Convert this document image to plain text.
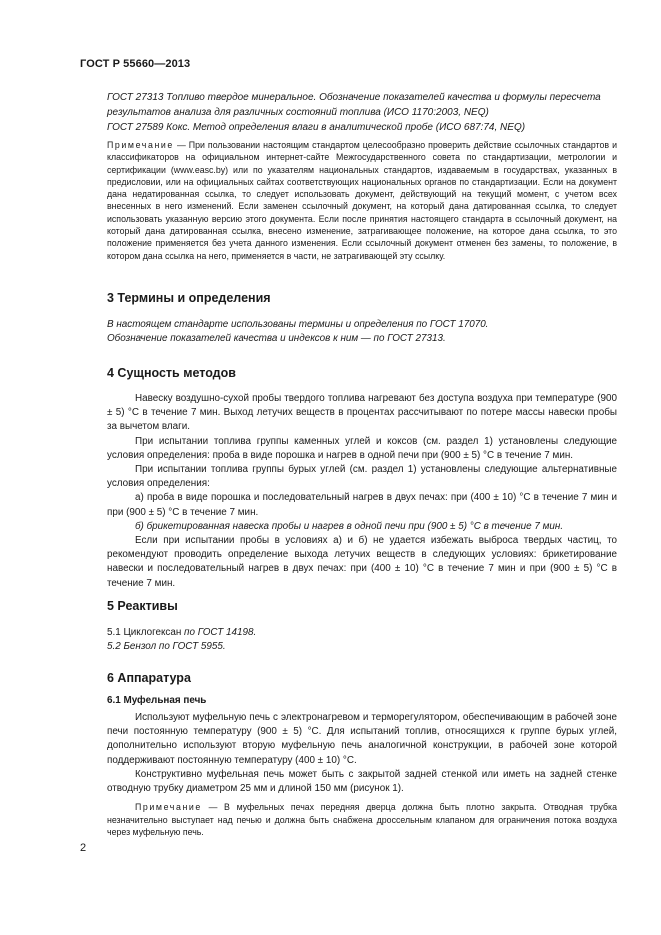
ГОСТ Р 55660—2013

ГОСТ 27313 Топливо твердое минеральное. Обозначение показателей качества и формулы пересчета результатов анализа для различных состояний топлива (ИСО 1170:2003, NEQ)

ГОСТ 27589 Кокс. Метод определения влаги в аналитической пробе (ИСО 687:74, NEQ)

Примечание — При пользовании настоящим стандартом целесообразно проверить действие ссылочных стандартов и классификаторов на официальном интернет-сайте Межгосударственного совета по стандартизации, метрологии и сертификации (www.easc.by) или по указателям национальных стандартов, издаваемым в государствах, указанных в предисловии, или на официальных сайтах соответствующих национальных органов по стандартизации. Если на документ дана недатированная ссылка, то следует использовать документ, действующий на текущий момент, с учетом всех внесенных в него изменений. Если заменен ссылочный документ, на который дана датированная ссылка, то следует использовать указанную версию этого документа. Если после принятия настоящего стандарта в ссылочный документ, на который дана датированная ссылка, внесено изменение, затрагивающее положение, на которое дана ссылка, то это положение применяется без учета данного изменения. Если ссылочный документ отменен без замены, то положение, в котором дана ссылка на него, применяется в части, не затрагивающей эту ссылку.

3 Термины и определения

В настоящем стандарте использованы термины и определения по ГОСТ 17070.

Обозначение показателей качества и индексов к ним — по ГОСТ 27313.

4 Сущность методов

Навеску воздушно-сухой пробы твердого топлива нагревают без доступа воздуха при температуре (900 ± 5) °C в течение 7 мин. Выход летучих веществ в процентах рассчитывают по потере массы навески пробы за вычетом влаги.

При испытании топлива группы каменных углей и коксов (см. раздел 1) установлены следующие условия определения: проба в виде порошка и нагрев в одной печи при (900 ± 5) °C в течение 7 мин.

При испытании топлива группы бурых углей (см. раздел 1) установлены следующие альтернативные условия определения:

а) проба в виде порошка и последовательный нагрев в двух печах: при (400 ± 10) °C в течение 7 мин и при (900 ± 5) °C в течение 7 мин.

б) брикетированная навеска пробы и нагрев в одной печи при (900 ± 5) °C в течение 7 мин.

Если при испытании пробы в условиях а) и б) не удается избежать выброса твердых частиц, то рекомендуют проводить определение выхода летучих веществ в следующих условиях: брикетирование навески и последовательный нагрев в двух печах: при (400 ± 10) °C в течение 7 мин и при (900 ± 5) °C в течение 7 мин.

5 Реактивы

5.1 Циклогексан по ГОСТ 14198.

5.2 Бензол по ГОСТ 5955.

6 Аппаратура
6.1 Муфельная печь

Используют муфельную печь с электронагревом и терморегулятором, обеспечивающим в рабочей зоне печи постоянную температуру (900 ± 5) °C. Для испытаний топлив, относящихся к группе бурых углей, дополнительно используют вторую муфельную печь аналогичной конструкции, в рабочей зоне которой поддерживают постоянную температуру (400 ± 10) °C.

Конструктивно муфельная печь может быть с закрытой задней стенкой или иметь на задней стенке отводную трубку диаметром 25 мм и длиной 150 мм (рисунок 1).

Примечание — В муфельных печах передняя дверца должна быть плотно закрыта. Отводная трубка незначительно выступает над печью и должна быть снабжена дроссельным клапаном для ограничения потока воздуха через муфельную печь.

2
